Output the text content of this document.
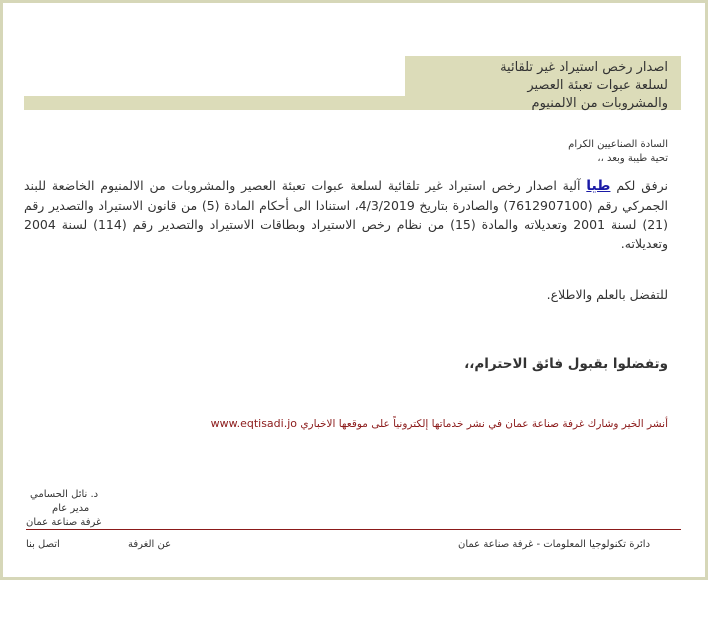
اصدار رخص استيراد غير تلقائية
لسلعة عبوات تعبئة العصير
والمشروبات من الالمنيوم
السادة الصناعيين الكرام
تحية طيبة وبعد ،،
نرفق لكم طيا آلية اصدار رخص استيراد غير تلقائية لسلعة عبوات تعبئة العصير والمشروبات من الالمنيوم الخاضعة للبند الجمركي رقم (7612907100) والصادرة بتاريخ 4/3/2019، استنادا الى أحكام المادة (5) من قانون الاستيراد والتصدير رقم (21) لسنة 2001 وتعديلاته والمادة (15) من نظام رخص الاستيراد وبطاقات الاستيراد والتصدير رقم (114) لسنة 2004 وتعديلاته.
للتفضل بالعلم والاطلاع.
وتفضلوا بقبول فائق الاحترام،،
أنشر الخير وشارك غرفة صناعة عمان في نشر خدماتها إلكترونياً على موقعها الاخباري www.eqtisadi.jo
د. نائل الحسامي
مدير عام
غرفة صناعة عمان
دائرة تكنولوجيا المعلومات - غرفة صناعة عمان
عن الغرفة
اتصل بنا
